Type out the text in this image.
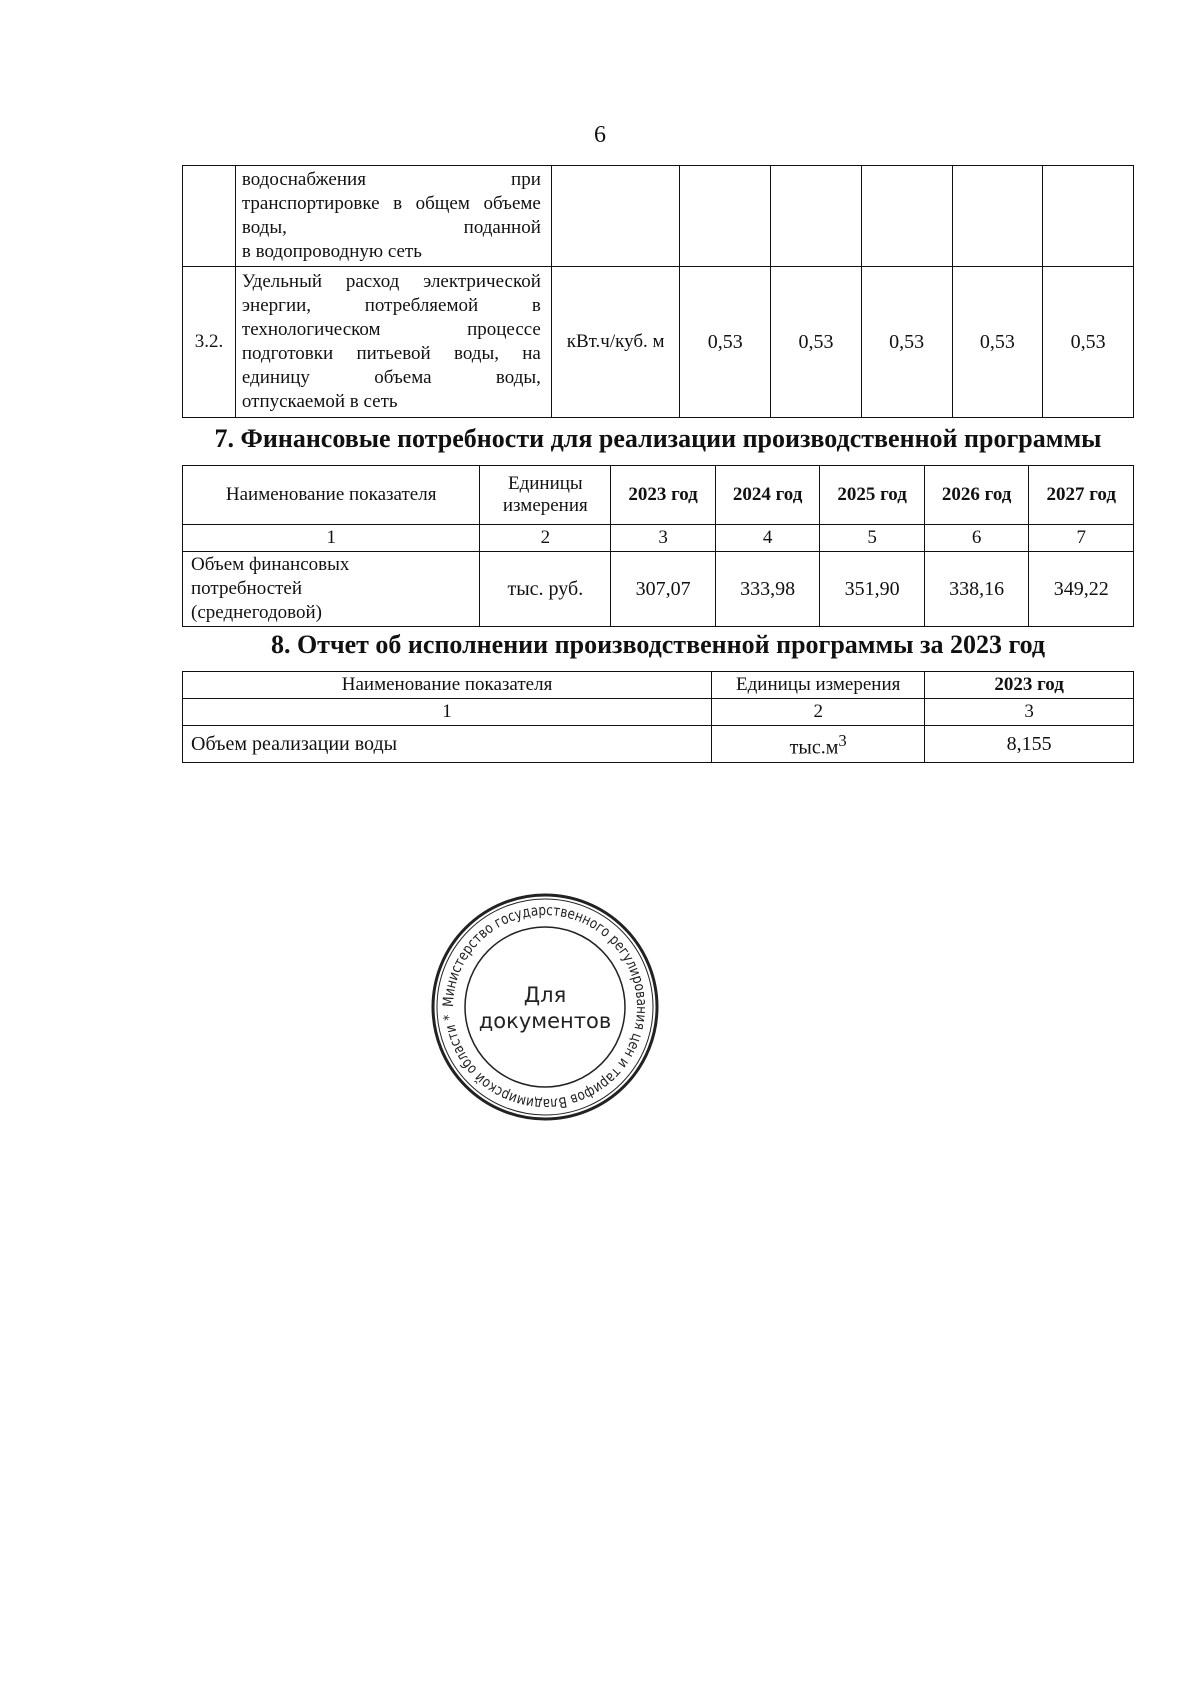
6
	водоснабжения при транспортировке в общем объеме воды, поданной
в водопроводную сеть						

3.2.	Удельный расход электрической энергии, потребляемой в технологическом процессе подготовки питьевой воды, на единицу объема воды,
отпускаемой в сеть	кВт.ч/куб. м	0,53	0,53	0,53	0,53	0,53
7. Финансовые потребности для реализации производственной программы
Наименование показателя	Единицы измерения	2023 год	2024 год	2025 год	2026 год	2027 год
1	2	3	4	5	6	7

Объем финансовых
потребностей
(среднегодовой)	тыс. руб.	307,07	333,98	351,90	338,16	349,22
8. Отчет об исполнении производственной программы за 2023 год
Наименование показателя	Единицы измерения	2023 год
1	2	3
Объем реализации воды	$тыс.м^3$	8,155
Министерство государственного регулирования цен и тарифов Владимирской области *
Для
документов
